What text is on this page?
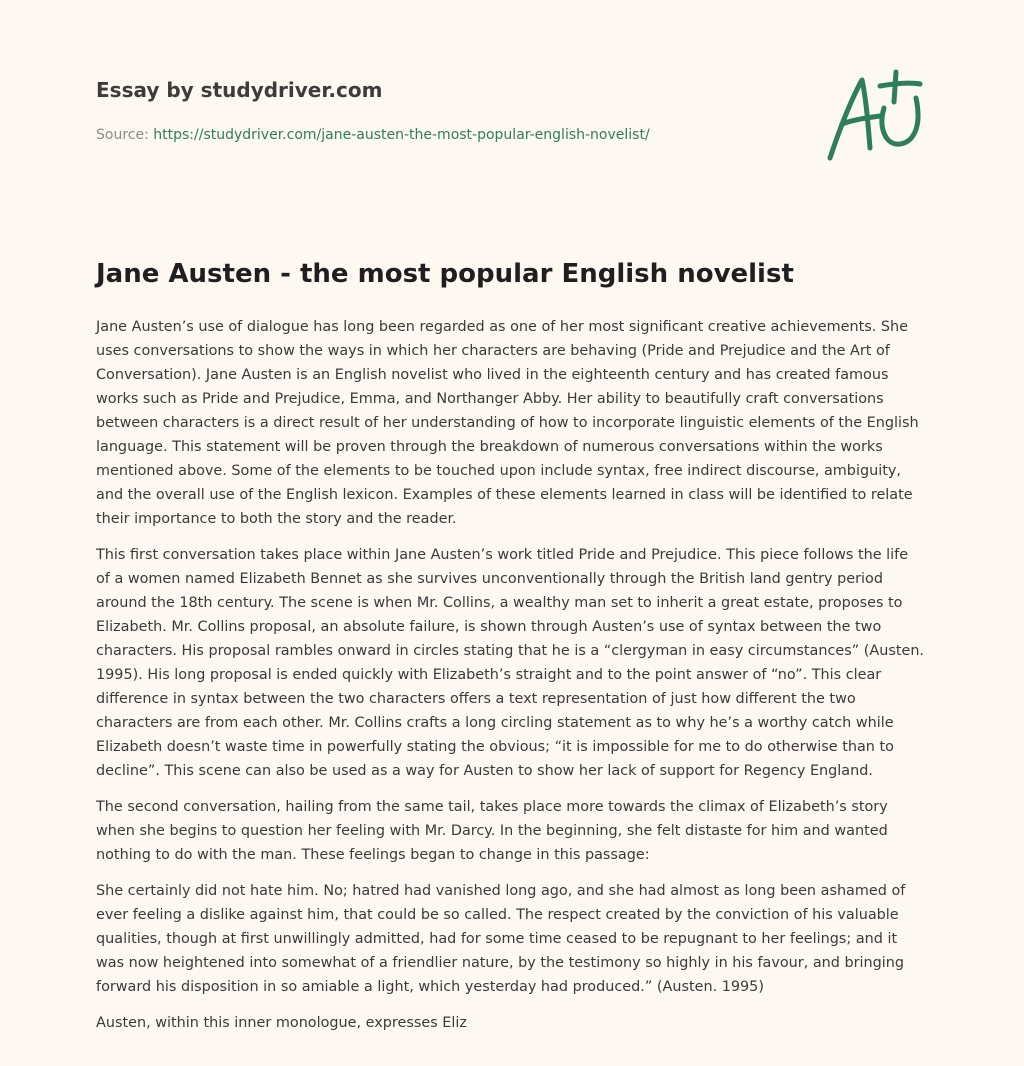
Essay by studydriver.com
Source: https://studydriver.com/jane-austen-the-most-popular-english-novelist/
Jane Austen - the most popular English novelist

Jane Austen’s use of dialogue has long been regarded as one of her most significant creative achievements. She uses conversations to show the ways in which her characters are behaving (Pride and Prejudice and the Art of Conversation). Jane Austen is an English novelist who lived in the eighteenth century and has created famous works such as Pride and Prejudice, Emma, and Northanger Abby. Her ability to beautifully craft conversations between characters is a direct result of her understanding of how to incorporate linguistic elements of the English language. This statement will be proven through the breakdown of numerous conversations within the works mentioned above. Some of the elements to be touched upon include syntax, free indirect discourse, ambiguity, and the overall use of the English lexicon. Examples of these elements learned in class will be identified to relate their importance to both the story and the reader.

This first conversation takes place within Jane Austen’s work titled Pride and Prejudice. This piece follows the life of a women named Elizabeth Bennet as she survives unconventionally through the British land gentry period around the 18th century. The scene is when Mr. Collins, a wealthy man set to inherit a great estate, proposes to Elizabeth. Mr. Collins proposal, an absolute failure, is shown through Austen’s use of syntax between the two characters. His proposal rambles onward in circles stating that he is a “clergyman in easy circumstances” (Austen. 1995). His long proposal is ended quickly with Elizabeth’s straight and to the point answer of “no”. This clear difference in syntax between the two characters offers a text representation of just how different the two characters are from each other. Mr. Collins crafts a long circling statement as to why he’s a worthy catch while Elizabeth doesn’t waste time in powerfully stating the obvious; “it is impossible for me to do otherwise than to decline”. This scene can also be used as a way for Austen to show her lack of support for Regency England.

The second conversation, hailing from the same tail, takes place more towards the climax of Elizabeth’s story when she begins to question her feeling with Mr. Darcy. In the beginning, she felt distaste for him and wanted nothing to do with the man. These feelings began to change in this passage:

She certainly did not hate him. No; hatred had vanished long ago, and she had almost as long been ashamed of ever feeling a dislike against him, that could be so called. The respect created by the conviction of his valuable qualities, though at first unwillingly admitted, had for some time ceased to be repugnant to her feelings; and it was now heightened into somewhat of a friendlier nature, by the testimony so highly in his favour, and bringing forward his disposition in so amiable a light, which yesterday had produced.” (Austen. 1995)

Austen, within this inner monologue, expresses Eliz
